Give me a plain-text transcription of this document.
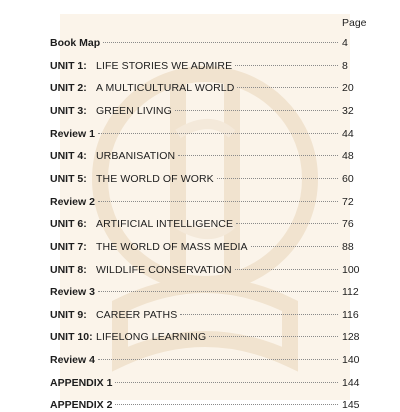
Page
Book Map	4
UNIT 1: LIFE STORIES WE ADMIRE	8
UNIT 2: A MULTICULTURAL WORLD	20
UNIT 3: GREEN LIVING	32
Review 1	44
UNIT 4: URBANISATION	48
UNIT 5: THE WORLD OF WORK	60
Review 2	72
UNIT 6: ARTIFICIAL INTELLIGENCE	76
UNIT 7: THE WORLD OF MASS MEDIA	88
UNIT 8: WILDLIFE CONSERVATION	100
Review 3	112
UNIT 9: CAREER PATHS	116
UNIT 10: LIFELONG LEARNING	128
Review 4	140
APPENDIX 1	144
APPENDIX 2	145
